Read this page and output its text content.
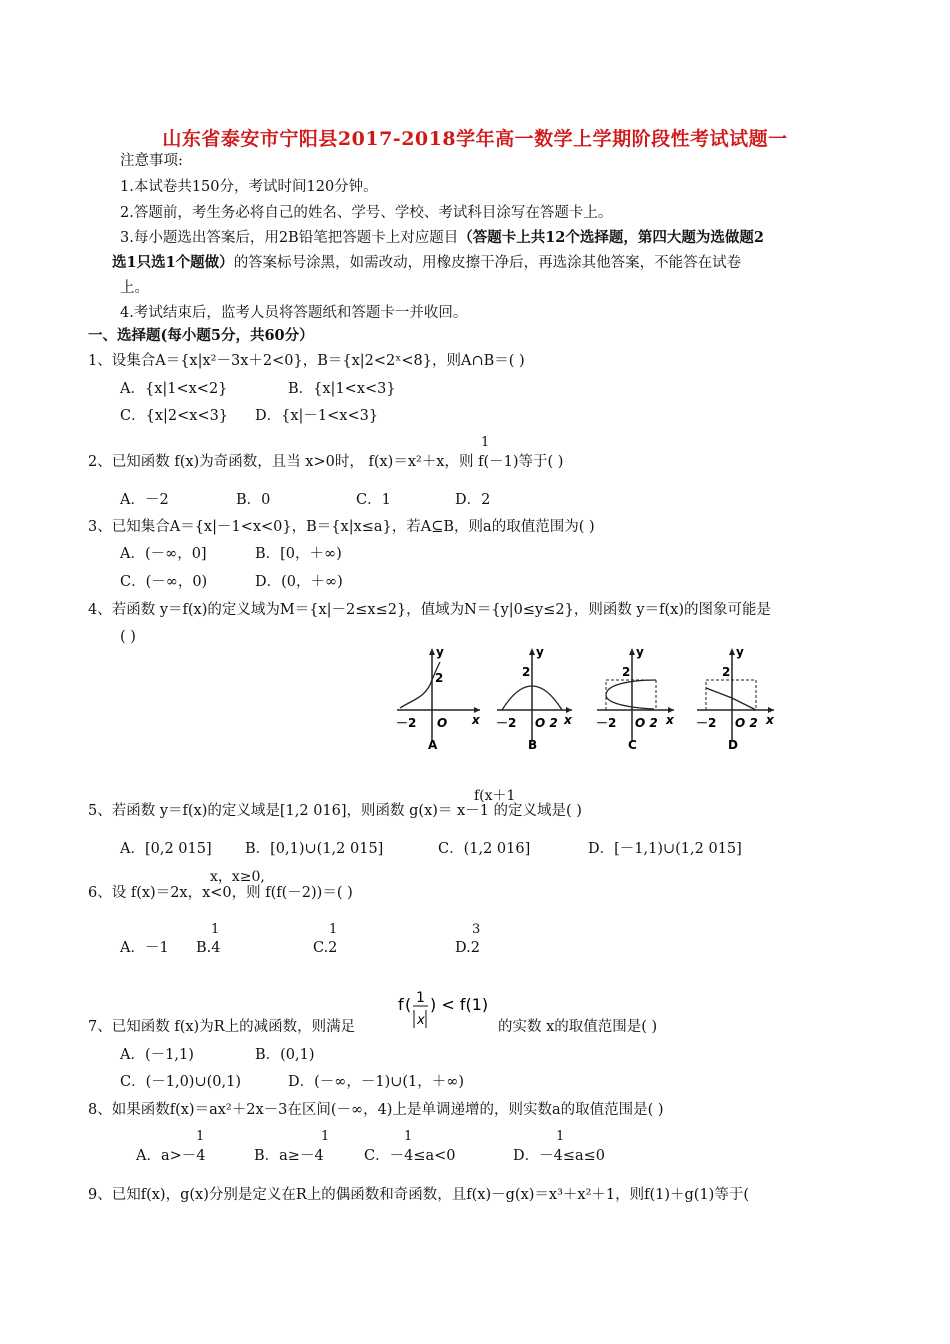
山东省泰安市宁阳县2017-2018学年高一数学上学期阶段性考试试题一
注意事项:
1.本试卷共150分，考试时间120分钟。
2.答题前，考生务必将自己的姓名、学号、学校、考试科目涂写在答题卡上。
3.每小题选出答案后，用2B铅笔把答题卡上对应题目（答题卡上共12个选择题，第四大题为选做题2
选1只选1个题做）的答案标号涂黑，如需改动，用橡皮擦干净后，再选涂其他答案，不能答在试卷
上。
4.考试结束后，监考人员将答题纸和答题卡一并收回。
一、选择题(每小题5分，共60分）
1、设集合A＝{x|x²－3x＋2<0}，B＝{x|2<2ˣ<8}，则A∩B＝( )
A．{x|1<x<2}	B．{x|1<x<3}
C．{x|2<x<3} D．{x|－1<x<3}
1
2、已知函数 f(x)为奇函数，且当 x>0时， f(x)＝x²＋x，则 f(－1)等于( )
A．－2	B．0	C．1	D．2
3、已知集合A＝{x|－1<x<0}，B＝{x|x≤a}，若A⊆B，则a的取值范围为( )
A．(－∞，0]	B．[0，＋∞)
C．(－∞，0)	D．(0，＋∞)
4、若函数 y＝f(x)的定义域为M＝{x|－2≤x≤2}，值域为N＝{y|0≤y≤2}，则函数 y＝f(x)的图象可能是
( )
y
x
2
－2 O
A
y
x
2
－2 O 2
B
y
x
2
－2 O 2
C
y
x
2
－2 O 2
D
f(x＋1
5、若函数 y＝f(x)的定义域是[1,2 016]，则函数 g(x)＝ x－1 的定义域是( )
A．[0,2 015] B．[0,1)∪(1,2 015]	C．(1,2 016]	D．[－1,1)∪(1,2 015]
x，x≥0,
6、设 f(x)＝2x，x<0，则 f(f(－2))＝( )
1	1	3
A．－1 B.4	C.2	D.2
f ( 1
x
) < f(1)
7、已知函数 f(x)为R上的减函数，则满足	的实数 x的取值范围是( )
A．(－1,1)	B．(0,1)
C．(－1,0)∪(0,1)	D．(－∞，－1)∪(1，＋∞)
8、如果函数f(x)＝ax²＋2x－3在区间(－∞，4)上是单调递增的，则实数a的取值范围是( )
1	1	1	1
A．a>－4	B．a≥－4	C．－4≤a<0	D．－4≤a≤0
9、已知f(x)，g(x)分别是定义在R上的偶函数和奇函数，且f(x)－g(x)＝x³＋x²＋1，则f(1)＋g(1)等于(
